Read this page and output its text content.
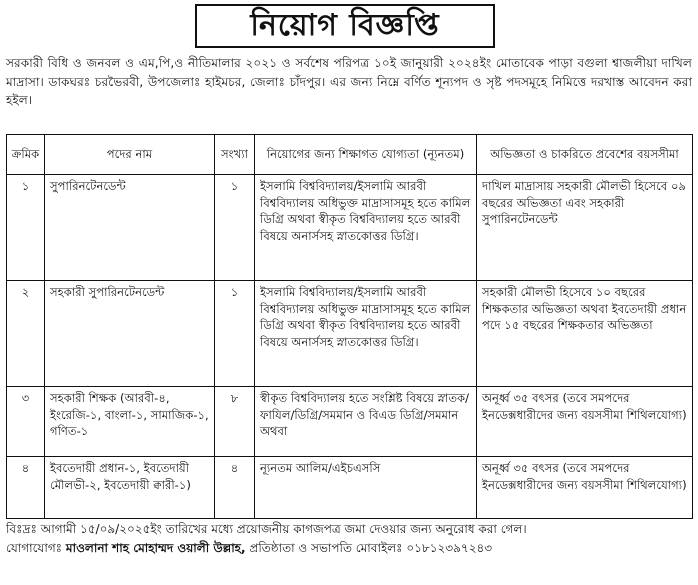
নিয়োগ বিজ্ঞপ্তি
সরকারী বিধি ও জনবল ও এম,পি,ও নীতিমালার ২০২১ ও সর্বশেষ পরিপত্র ১০ই জানুয়ারী ২০২৪ইং মোতাবেক পাড়া বগুলা শ্বাজলীয়া দাখিল মাদ্রাসা। ডাকঘরঃ চরভৈরবী, উপজেলাঃ হাইমচর, জেলাঃ চাঁদপুর। এর জন্য নিম্নে বর্ণিত শূন্যপদ ও সৃষ্ট পদসমূহে নিমিত্তে দরখাস্ত আবেদন করা হইল।
ক্রমিক	পদের নাম	সংখ্যা	নিয়োগের জন্য শিক্ষাগত যোগ্যতা (ন্যূনতম)	অভিজ্ঞতা ও চাকরিতে প্রবেশের বয়সসীমা
১	সুপারিনটেনডেন্ট	১	ইসলামি বিশ্ববিদ্যালয়/ইসলামি আরবী বিশ্ববিদ্যালয় অধিভুক্ত মাদ্রাসাসমূহ হতে কামিল ডিগ্রি অথবা স্বীকৃত বিশ্ববিদ্যালয় হতে আরবী বিষয়ে অনার্সসহ স্নাতকোত্তর ডিগ্রি।	দাখিল মাদ্রাসায় সহকারী মৌলভী হিসেবে ০৯ বছরের অভিজ্ঞতা এবং সহকারী সুপারিনটেনডেন্ট
২	সহকারী সুপারিনটেনডেন্ট	১	ইসলামি বিশ্ববিদ্যালয়/ইসলামি আরবী বিশ্ববিদ্যালয় অধিভুক্ত মাদ্রাসাসমূহ হতে কামিল ডিগ্রি অথবা স্বীকৃত বিশ্ববিদ্যালয় হতে আরবী বিষয়ে অনার্সসহ স্নাতকোত্তর ডিগ্রি।	সহকারী মৌলভী হিসেবে ১০ বছরের শিক্ষকতার অভিজ্ঞতা অথবা ইবতেদায়ী প্রধান পদে ১৫ বছরের শিক্ষকতার অভিজ্ঞতা
৩	সহকারী শিক্ষক (আরবী-৪, ইংরেজি-১, বাংলা-১, সামাজিক-১, গণিত-১	৮	স্বীকৃত বিশ্ববিদ্যালয় হতে সংশ্লিষ্ট বিষয়ে স্নাতক/ ফাযিল/ডিগ্রি/সমমান ও বিএড ডিগ্রি/সমমান অথবা	অনূর্ধ্ব ৩৫ বৎসর (তবে সমপদের ইনডেক্সধারীদের জন্য বয়সসীমা শিথিলযোগ্য)
৪	ইবতেদায়ী প্রধান-১, ইবতেদায়ী মৌলভী-২, ইবতেদায়ী ক্বারী-১)	৪	ন্যূনতম আলিম/এইচএসসি	অনূর্ধ্ব ৩৫ বৎসর (তবে সমপদের ইনডেক্সধারীদের জন্য বয়সসীমা শিথিলযোগ্য)
বিঃদ্রঃ আগামী ১৫/০৯/২০২৫ইং তারিখের মধ্যে প্রয়োজনীয় কাগজপত্র জমা দেওয়ার জন্য অনুরোধ করা গেল।
যোগাযোগঃ মাওলানা শাহ মোহাম্মদ ওয়ালী উল্লাহ, প্রতিষ্ঠাতা ও সভাপতি মোবাইলঃ ০১৮১২৩৯৭২৪৩
